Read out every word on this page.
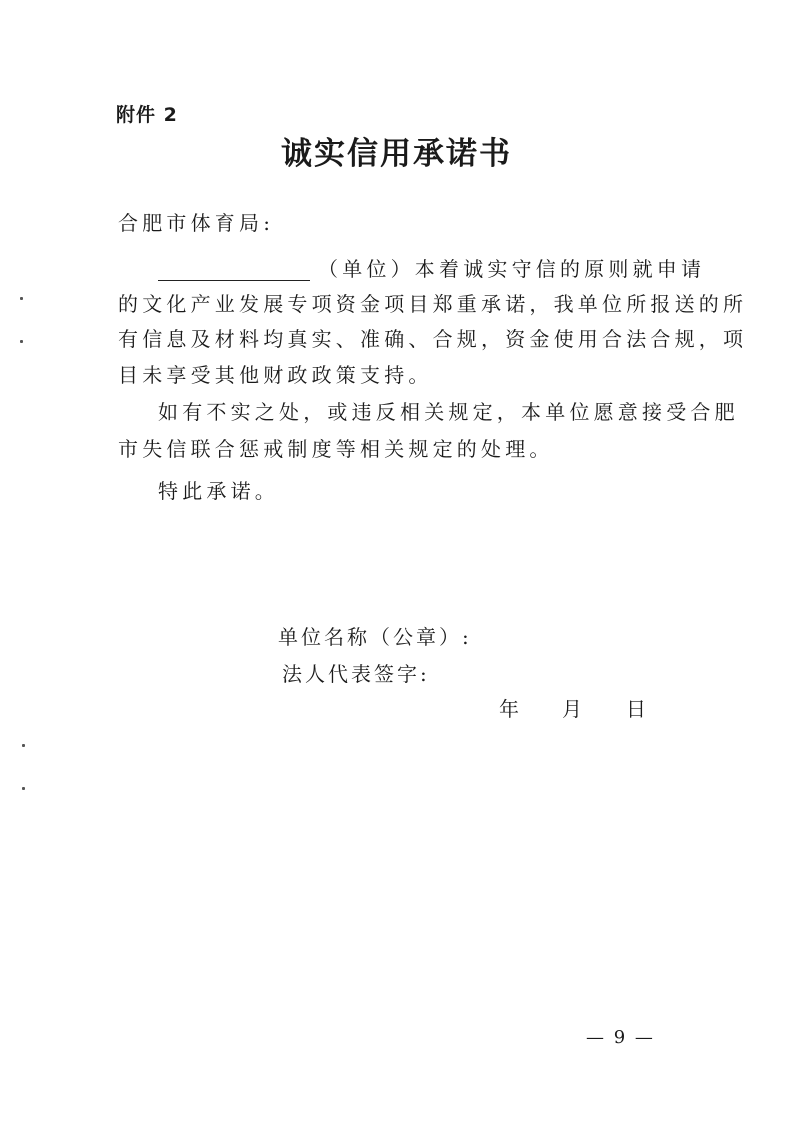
附件 2
诚实信用承诺书
合肥市体育局:
（单位）本着诚实守信的原则就申请
的文化产业发展专项资金项目郑重承诺，我单位所报送的所
有信息及材料均真实、准确、合规，资金使用合法合规，项
目未享受其他财政政策支持。
如有不实之处，或违反相关规定，本单位愿意接受合肥
市失信联合惩戒制度等相关规定的处理。
特此承诺。
单位名称（公章）:
法人代表签字:
年 月 日
— 9 —
